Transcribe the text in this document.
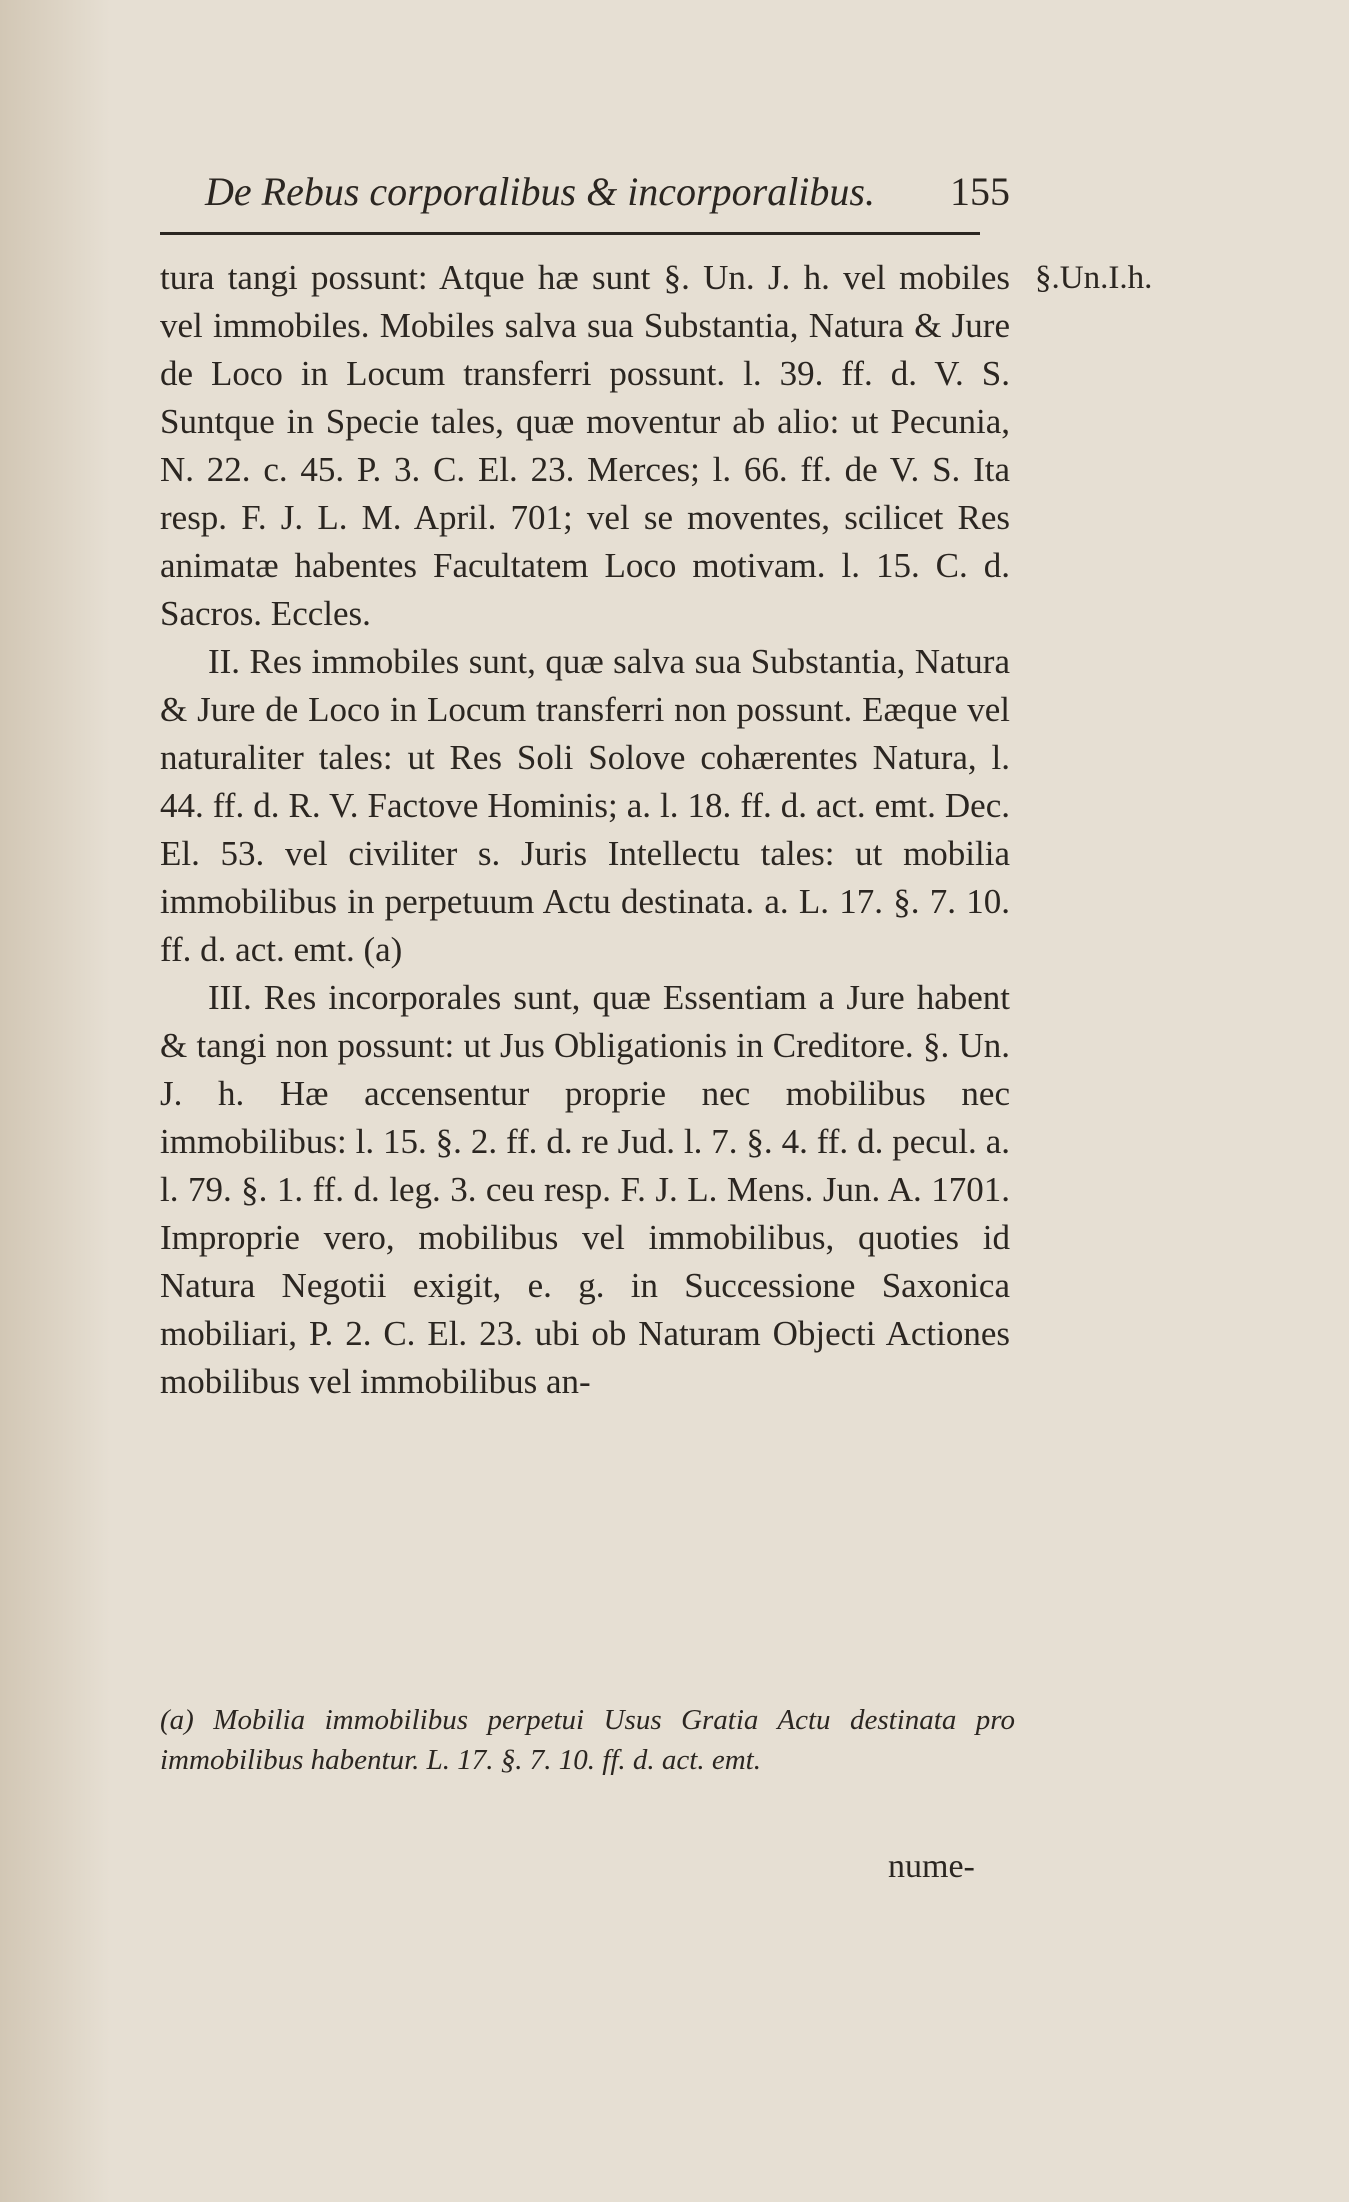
De Rebus corporalibus & incorporalibus. 155
§.Un.I.h.

tura tangi possunt: Atque hæ sunt §. Un. J. h. vel mobiles vel immobiles. Mobiles salva sua Substantia, Natura & Jure de Loco in Locum transferri possunt. l. 39. ff. d. V. S. Suntque in Specie tales, quæ moventur ab alio: ut Pecunia, N. 22. c. 45. P. 3. C. El. 23. Merces; l. 66. ff. de V. S. Ita resp. F. J. L. M. April. 701; vel se moventes, scilicet Res animatæ habentes Facultatem Loco motivam. l. 15. C. d. Sacros. Eccles.

II. Res immobiles sunt, quæ salva sua Substantia, Natura & Jure de Loco in Locum transferri non possunt. Eæque vel naturaliter tales: ut Res Soli Solove cohærentes Natura, l. 44. ff. d. R. V. Factove Hominis; a. l. 18. ff. d. act. emt. Dec. El. 53. vel civiliter s. Juris Intellectu tales: ut mobilia immobilibus in perpetuum Actu destinata. a. L. 17. §. 7. 10. ff. d. act. emt. (a)

III. Res incorporales sunt, quæ Essentiam a Jure habent & tangi non possunt: ut Jus Obligationis in Creditore. §. Un. J. h. Hæ accensentur proprie nec mobilibus nec immobilibus: l. 15. §. 2. ff. d. re Jud. l. 7. §. 4. ff. d. pecul. a. l. 79. §. 1. ff. d. leg. 3. ceu resp. F. J. L. Mens. Jun. A. 1701. Improprie vero, mobilibus vel immobilibus, quoties id Natura Negotii exigit, e. g. in Successione Saxonica mobiliari, P. 2. C. El. 23. ubi ob Naturam Objecti Actiones mobilibus vel immobilibus an-

(a) Mobilia immobilibus perpetui Usus Gratia Actu destinata pro immobilibus habentur. L. 17. §. 7. 10. ff. d. act. emt.
nume-
